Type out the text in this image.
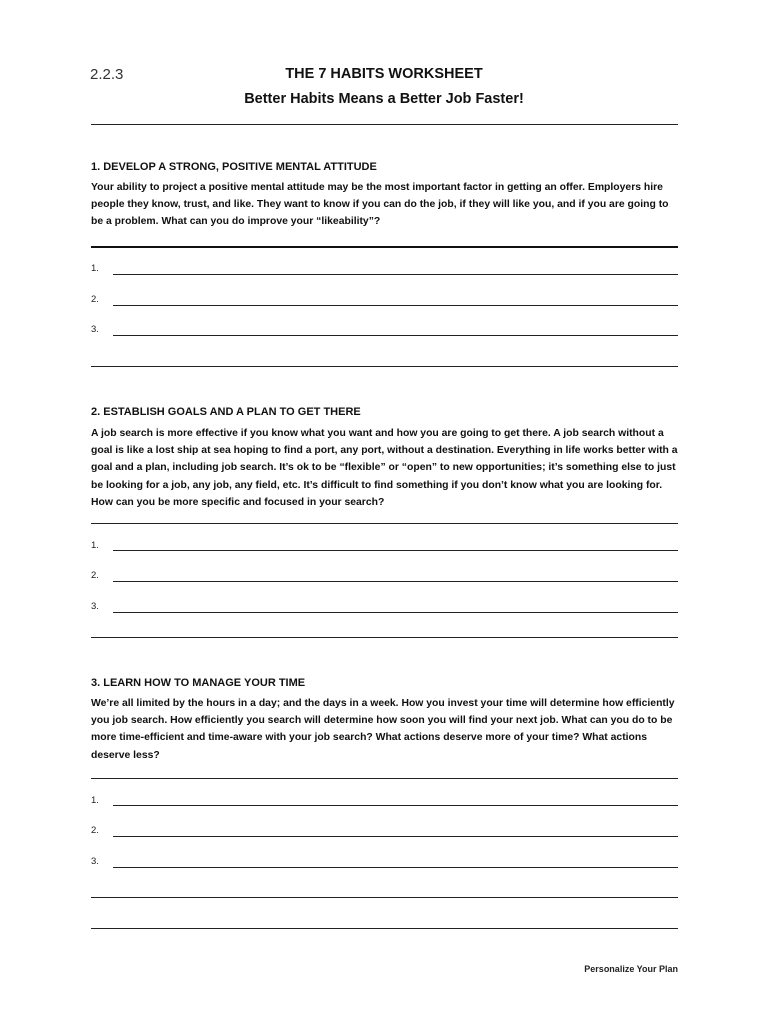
2.2.3	THE 7 HABITS WORKSHEET
Better Habits Means a Better Job Faster!
1. DEVELOP A STRONG, POSITIVE MENTAL ATTITUDE
Your ability to project a positive mental attitude may be the most important factor in getting an offer. Employers hire people they know, trust, and like. They want to know if you can do the job, if they will like you, and if you are going to be a problem. What can you do improve your “likeability”?
1.
2.
3.
2. ESTABLISH GOALS AND A PLAN TO GET THERE
A job search is more effective if you know what you want and how you are going to get there. A job search without a goal is like a lost ship at sea hoping to find a port, any port, without a destination. Everything in life works better with a goal and a plan, including job search. It’s ok to be “flexible” or “open” to new opportunities; it’s something else to just be looking for a job, any job, any field, etc. It’s difficult to find something if you don’t know what you are looking for. How can you be more specific and focused in your search?
1.
2.
3.
3. LEARN HOW TO MANAGE YOUR TIME
We’re all limited by the hours in a day; and the days in a week. How you invest your time will determine how efficiently you job search. How efficiently you search will determine how soon you will find your next job. What can you do to be more time-efficient and time-aware with your job search? What actions deserve more of your time? What actions deserve less?
1.
2.
3.
Personalize Your Plan
